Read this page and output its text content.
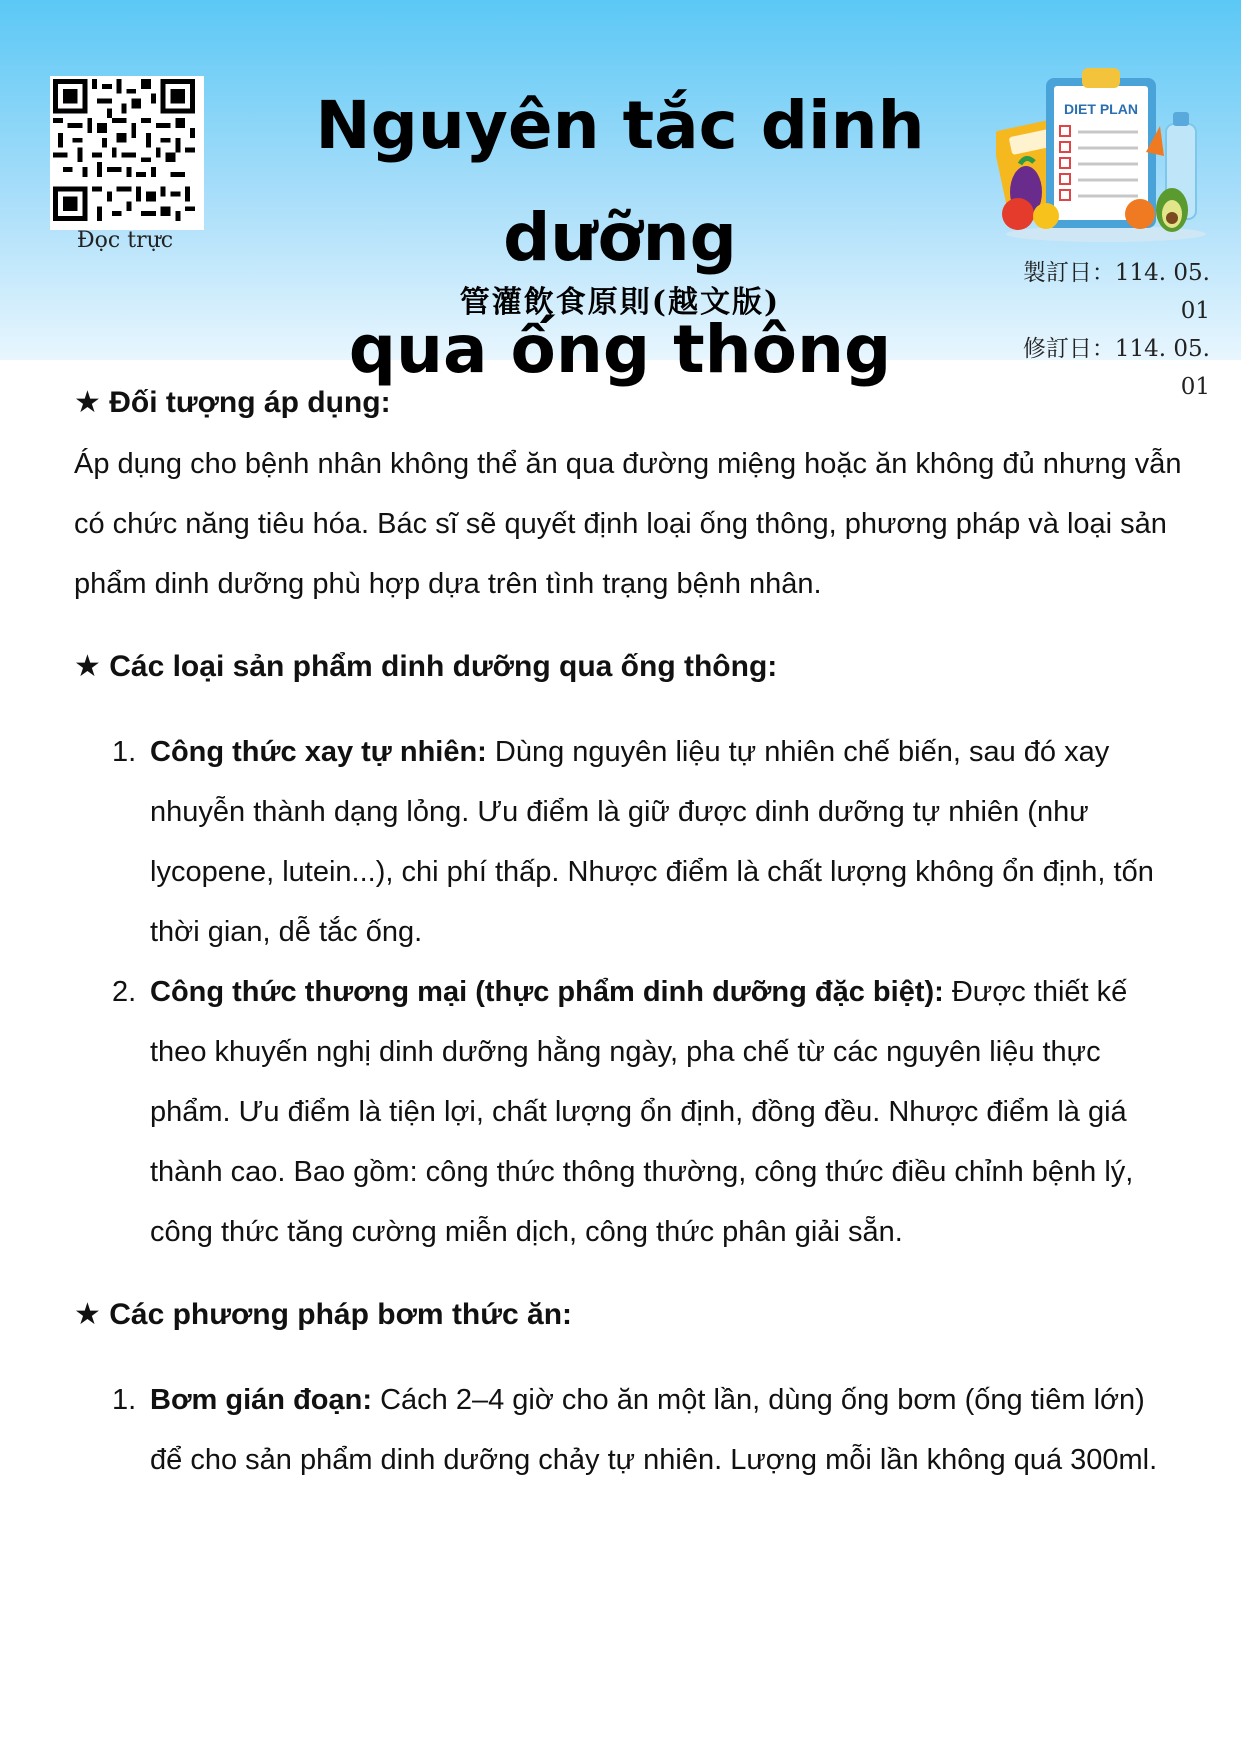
Đọc trực
Nguyên tắc dinh dưỡng
qua ống thông
管灌飲食原則(越文版)
DIET PLAN
製訂日：114. 05. 01
修訂日：114. 05. 01
★ Đối tượng áp dụng:

Áp dụng cho bệnh nhân không thể ăn qua đường miệng hoặc ăn không đủ nhưng vẫn có chức năng tiêu hóa. Bác sĩ sẽ quyết định loại ống thông, phương pháp và loại sản phẩm dinh dưỡng phù hợp dựa trên tình trạng bệnh nhân.

★ Các loại sản phẩm dinh dưỡng qua ống thông:
1. Công thức xay tự nhiên: Dùng nguyên liệu tự nhiên chế biến, sau đó xay nhuyễn thành dạng lỏng. Ưu điểm là giữ được dinh dưỡng tự nhiên (như lycopene, lutein...), chi phí thấp. Nhược điểm là chất lượng không ổn định, tốn thời gian, dễ tắc ống.
2. Công thức thương mại (thực phẩm dinh dưỡng đặc biệt): Được thiết kế theo khuyến nghị dinh dưỡng hằng ngày, pha chế từ các nguyên liệu thực phẩm. Ưu điểm là tiện lợi, chất lượng ổn định, đồng đều. Nhược điểm là giá thành cao. Bao gồm: công thức thông thường, công thức điều chỉnh bệnh lý, công thức tăng cường miễn dịch, công thức phân giải sẵn.
★ Các phương pháp bơm thức ăn:
1. Bơm gián đoạn: Cách 2–4 giờ cho ăn một lần, dùng ống bơm (ống tiêm lớn) để cho sản phẩm dinh dưỡng chảy tự nhiên. Lượng mỗi lần không quá 300ml.
